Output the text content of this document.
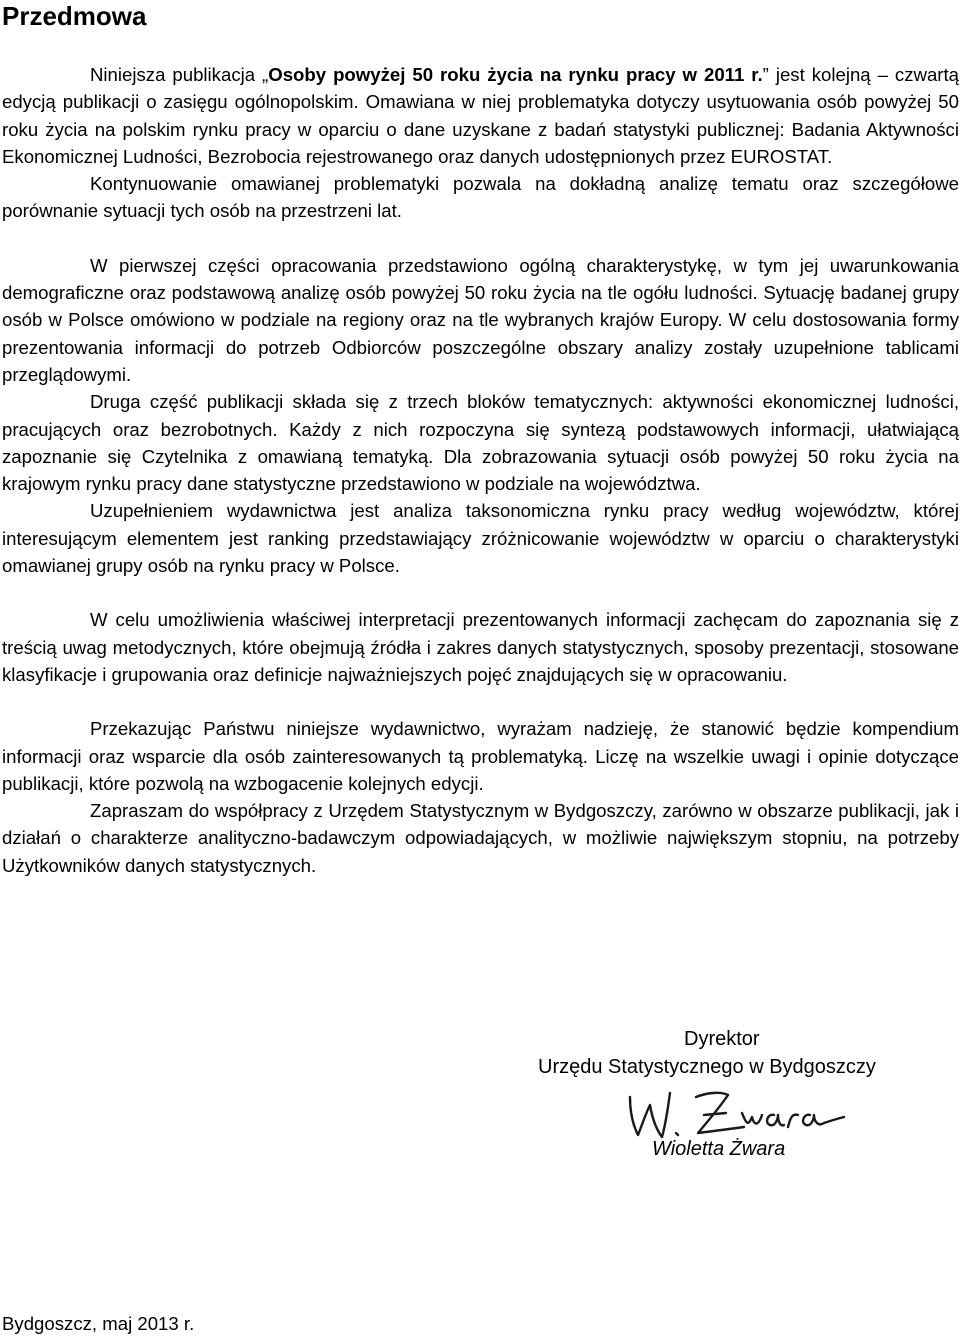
Przedmowa

Niniejsza publikacja „Osoby powyżej 50 roku życia na rynku pracy w 2011 r.” jest kolejną – czwartą edycją publikacji o zasięgu ogólnopolskim. Omawiana w niej problematyka dotyczy usytuowania osób powyżej 50 roku życia na polskim rynku pracy w oparciu o dane uzyskane z badań statystyki publicznej: Badania Aktywności Ekonomicznej Ludności, Bezrobocia rejestrowanego oraz danych udostępnionych przez EUROSTAT.

Kontynuowanie omawianej problematyki pozwala na dokładną analizę tematu oraz szczegółowe porównanie sytuacji tych osób na przestrzeni lat.

W pierwszej części opracowania przedstawiono ogólną charakterystykę, w tym jej uwarunkowania demograficzne oraz podstawową analizę osób powyżej 50 roku życia na tle ogółu ludności. Sytuację badanej grupy osób w Polsce omówiono w podziale na regiony oraz na tle wybranych krajów Europy. W celu dostosowania formy prezentowania informacji do potrzeb Odbiorców poszczególne obszary analizy zostały uzupełnione tablicami przeglądowymi.

Druga część publikacji składa się z trzech bloków tematycznych: aktywności ekonomicznej ludności, pracujących oraz bezrobotnych. Każdy z nich rozpoczyna się syntezą podstawowych informacji, ułatwiającą zapoznanie się Czytelnika z omawianą tematyką. Dla zobrazowania sytuacji osób powyżej 50 roku życia na krajowym rynku pracy dane statystyczne przedstawiono w podziale na województwa.

Uzupełnieniem wydawnictwa jest analiza taksonomiczna rynku pracy według województw, której interesującym elementem jest ranking przedstawiający zróżnicowanie województw w oparciu o charakterystyki omawianej grupy osób na rynku pracy w Polsce.

W celu umożliwienia właściwej interpretacji prezentowanych informacji zachęcam do zapoznania się z treścią uwag metodycznych, które obejmują źródła i zakres danych statystycznych, sposoby prezentacji, stosowane klasyfikacje i grupowania oraz definicje najważniejszych pojęć znajdujących się w opracowaniu.

Przekazując Państwu niniejsze wydawnictwo, wyrażam nadzieję, że stanowić będzie kompendium informacji oraz wsparcie dla osób zainteresowanych tą problematyką. Liczę na wszelkie uwagi i opinie dotyczące publikacji, które pozwolą na wzbogacenie kolejnych edycji.

Zapraszam do współpracy z Urzędem Statystycznym w Bydgoszczy, zarówno w obszarze publikacji, jak i działań o charakterze analityczno-badawczym odpowiadających, w możliwie największym stopniu, na potrzeby Użytkowników danych statystycznych.

Dyrektor
Urzędu Statystycznego w Bydgoszczy
Wioletta Żwara
Bydgoszcz, maj 2013 r.
